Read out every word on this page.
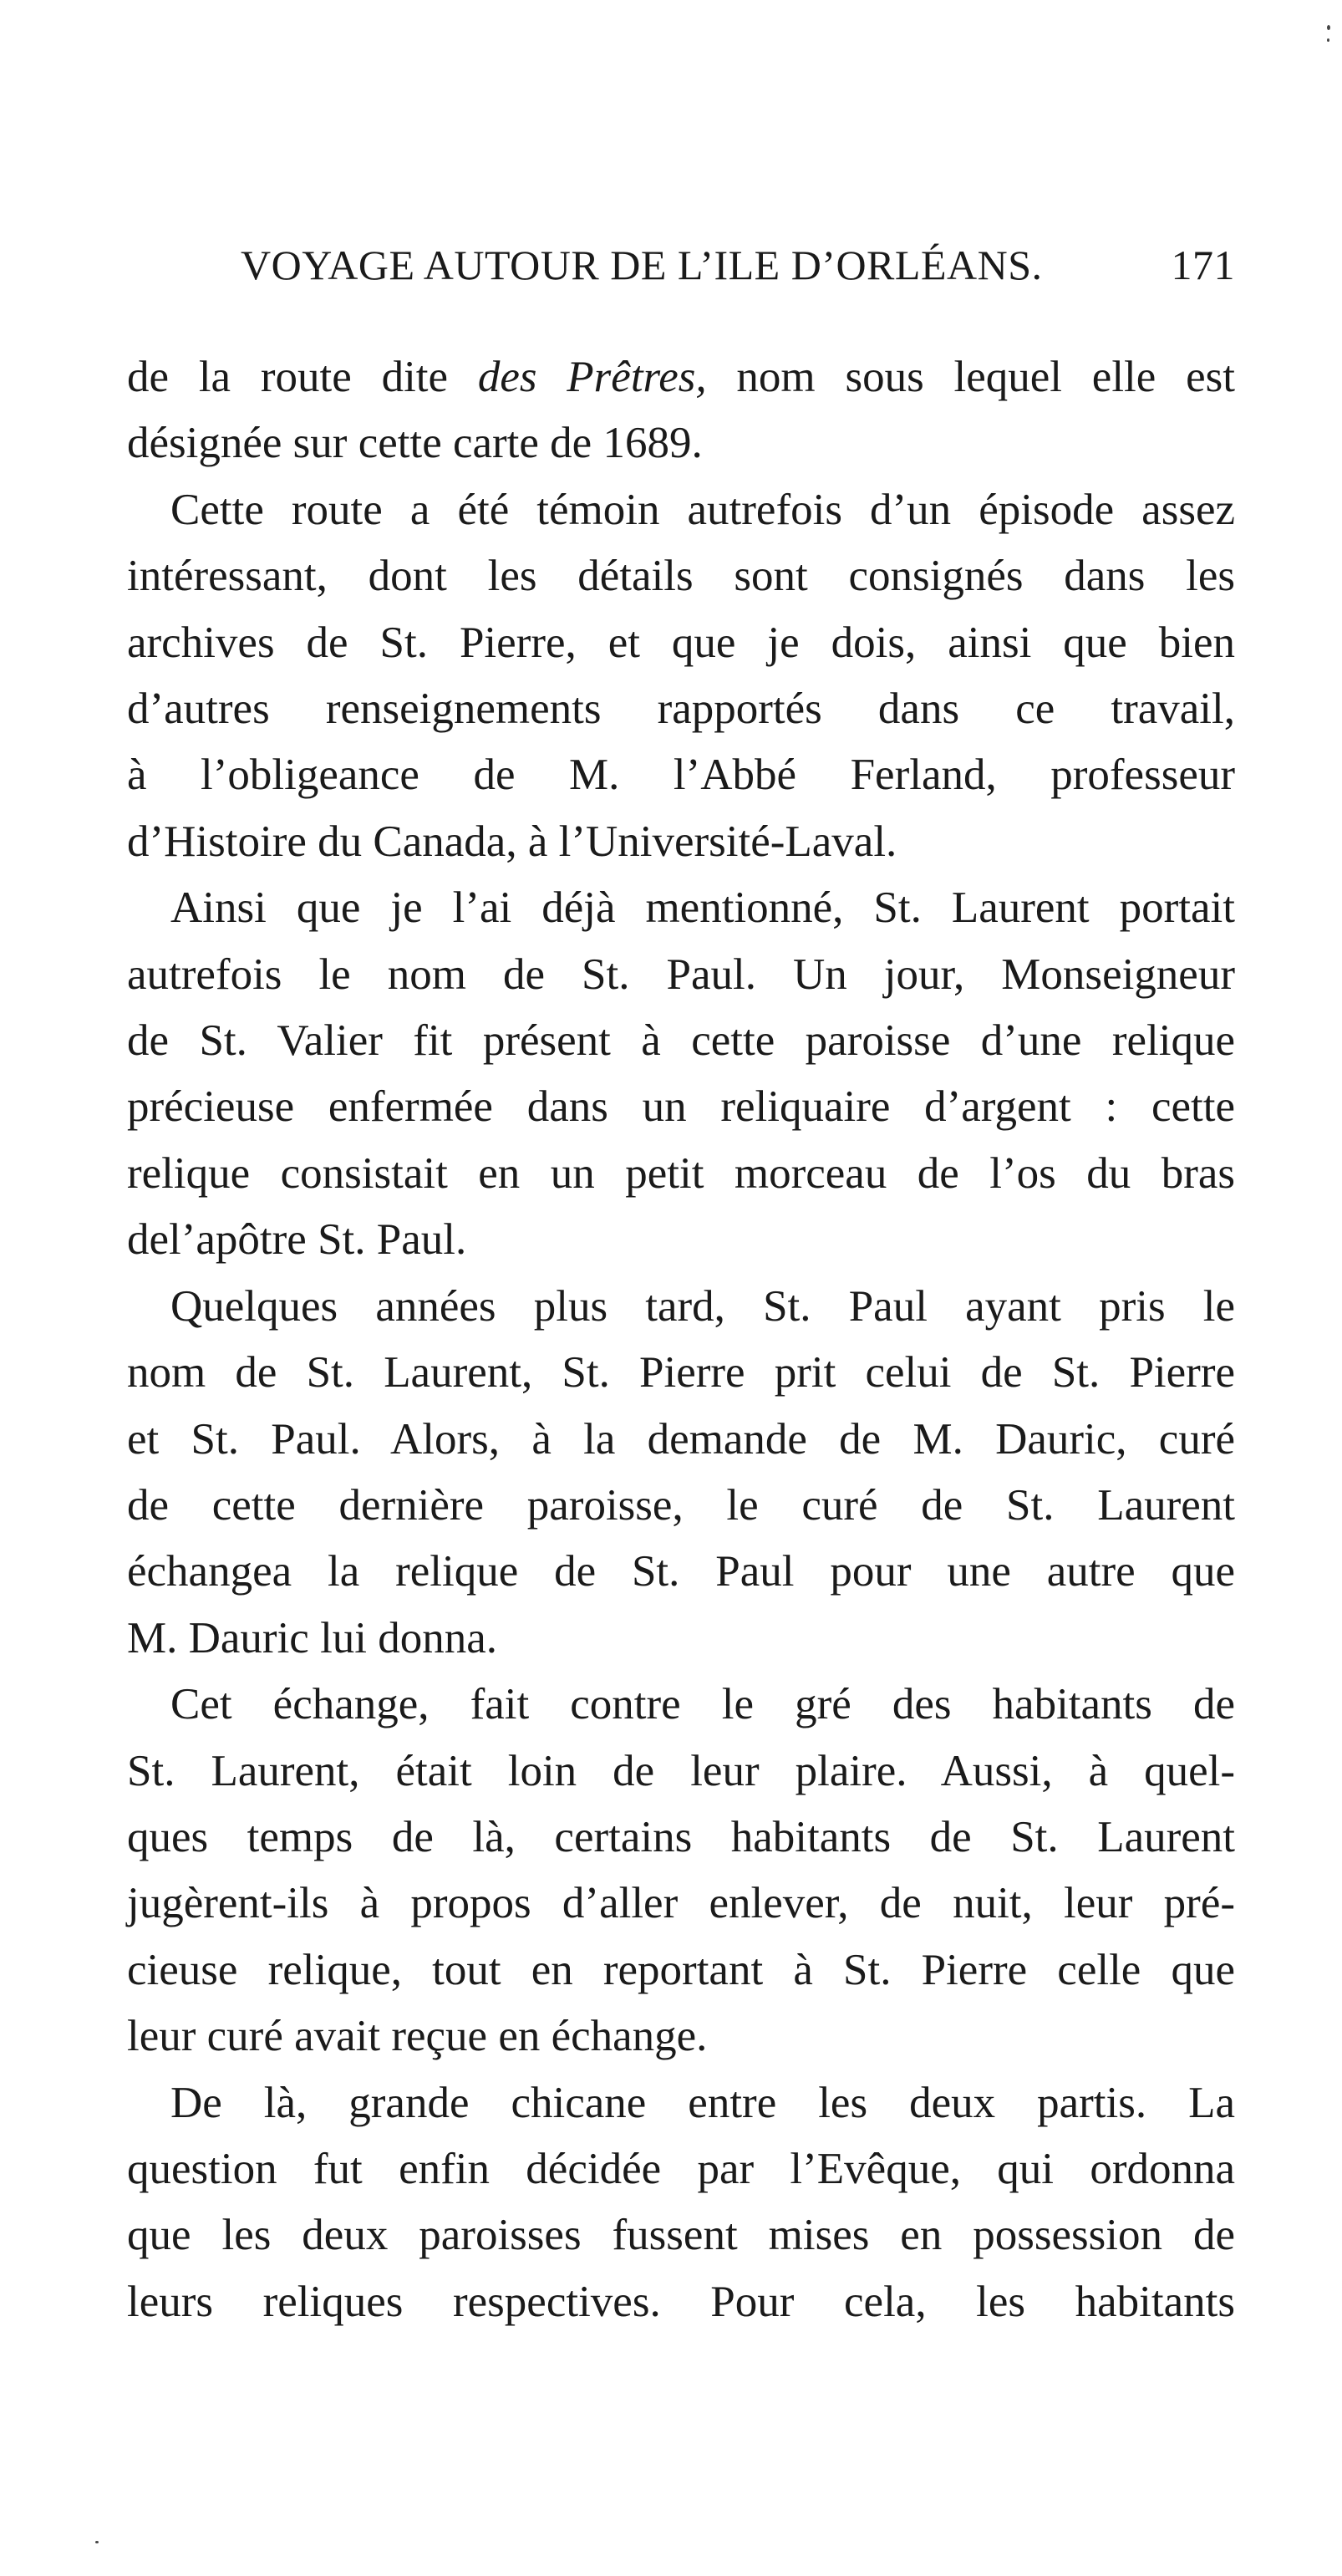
VOYAGE AUTOUR DE L’ILE D’ORLÉANS.	171

de la route dite des Prêtres, nom sous lequel elle est
désignée sur cette carte de 1689.

Cette route a été témoin autrefois d’un épisode assez
intéressant, dont les détails sont consignés dans les
archives de St. Pierre, et que je dois, ainsi que bien
d’autres renseignements rapportés dans ce travail,
à l’obligeance de M. l’Abbé Ferland, professeur
d’Histoire du Canada, à l’Université-Laval.

Ainsi que je l’ai déjà mentionné, St. Laurent portait
autrefois le nom de St. Paul. Un jour, Monseigneur
de St. Valier fit présent à cette paroisse d’une relique
précieuse enfermée dans un reliquaire d’argent : cette
relique consistait en un petit morceau de l’os du bras
del’apôtre St. Paul.

Quelques années plus tard, St. Paul ayant pris le
nom de St. Laurent, St. Pierre prit celui de St. Pierre
et St. Paul. Alors, à la demande de M. Dauric, curé
de cette dernière paroisse, le curé de St. Laurent
échangea la relique de St. Paul pour une autre que
M. Dauric lui donna.

Cet échange, fait contre le gré des habitants de
St. Laurent, était loin de leur plaire. Aussi, à quel-
ques temps de là, certains habitants de St. Laurent
jugèrent-ils à propos d’aller enlever, de nuit, leur pré-
cieuse relique, tout en reportant à St. Pierre celle que
leur curé avait reçue en échange.

De là, grande chicane entre les deux partis. La
question fut enfin décidée par l’Evêque, qui ordonna
que les deux paroisses fussent mises en possession de
leurs reliques respectives. Pour cela, les habitants
